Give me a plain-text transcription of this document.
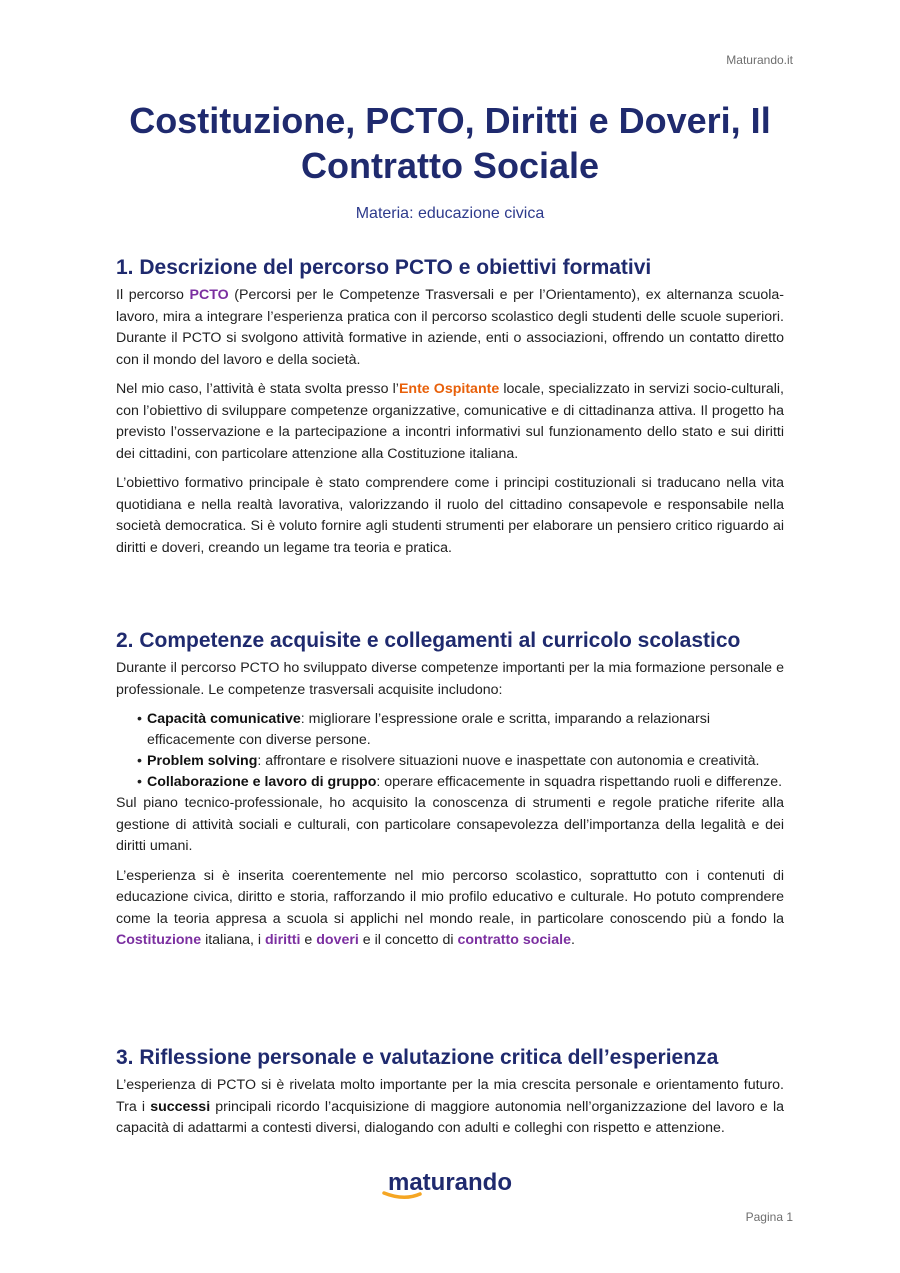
Maturando.it
Costituzione, PCTO, Diritti e Doveri, Il Contratto Sociale
Materia: educazione civica
1. Descrizione del percorso PCTO e obiettivi formativi

Il percorso PCTO (Percorsi per le Competenze Trasversali e per l’Orientamento), ex alternanza scuola-lavoro, mira a integrare l’esperienza pratica con il percorso scolastico degli studenti delle scuole superiori. Durante il PCTO si svolgono attività formative in aziende, enti o associazioni, offrendo un contatto diretto con il mondo del lavoro e della società.

Nel mio caso, l’attività è stata svolta presso l’Ente Ospitante locale, specializzato in servizi socio-culturali, con l’obiettivo di sviluppare competenze organizzative, comunicative e di cittadinanza attiva. Il progetto ha previsto l’osservazione e la partecipazione a incontri informativi sul funzionamento dello stato e sui diritti dei cittadini, con particolare attenzione alla Costituzione italiana.

L’obiettivo formativo principale è stato comprendere come i principi costituzionali si traducano nella vita quotidiana e nella realtà lavorativa, valorizzando il ruolo del cittadino consapevole e responsabile nella società democratica. Si è voluto fornire agli studenti strumenti per elaborare un pensiero critico riguardo ai diritti e doveri, creando un legame tra teoria e pratica.

2. Competenze acquisite e collegamenti al curricolo scolastico

Durante il percorso PCTO ho sviluppato diverse competenze importanti per la mia formazione personale e professionale. Le competenze trasversali acquisite includono:

• Capacità comunicative: migliorare l’espressione orale e scritta, imparando a relazionarsi efficacemente con diverse persone.
• Problem solving: affrontare e risolvere situazioni nuove e inaspettate con autonomia e creatività.
• Collaborazione e lavoro di gruppo: operare efficacemente in squadra rispettando ruoli e differenze.

Sul piano tecnico-professionale, ho acquisito la conoscenza di strumenti e regole pratiche riferite alla gestione di attività sociali e culturali, con particolare consapevolezza dell’importanza della legalità e dei diritti umani.

L’esperienza si è inserita coerentemente nel mio percorso scolastico, soprattutto con i contenuti di educazione civica, diritto e storia, rafforzando il mio profilo educativo e culturale. Ho potuto comprendere come la teoria appresa a scuola si applichi nel mondo reale, in particolare conoscendo più a fondo la Costituzione italiana, i diritti e doveri e il concetto di contratto sociale.

3. Riflessione personale e valutazione critica dell’esperienza

L’esperienza di PCTO si è rivelata molto importante per la mia crescita personale e orientamento futuro. Tra i successi principali ricordo l’acquisizione di maggiore autonomia nell’organizzazione del lavoro e la capacità di adattarmi a contesti diversi, dialogando con adulti e colleghi con rispetto e attenzione.

maturando
Pagina 1
